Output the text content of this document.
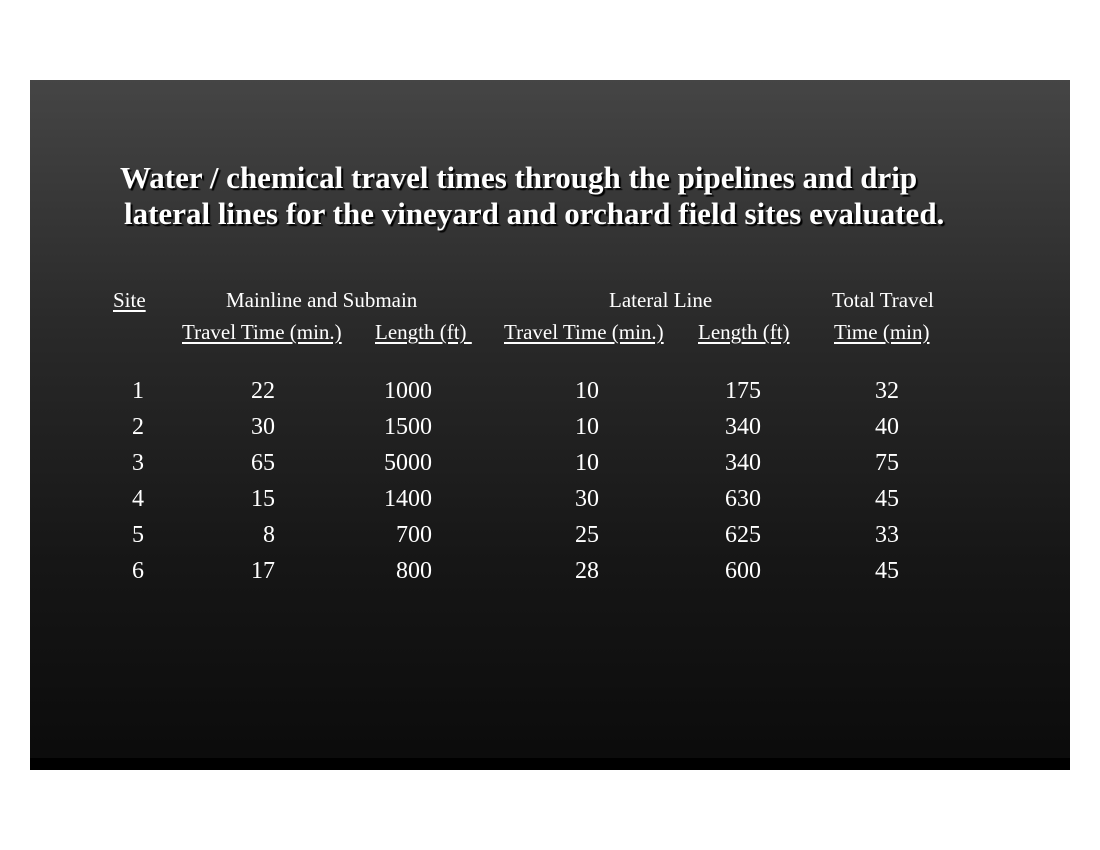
Water / chemical travel times through the pipelines and drip
lateral lines for the vineyard and orchard field sites evaluated.
Site	Mainline and Submain	Lateral Line	Total Travel
Travel Time (min.) Length (ft) Travel Time (min.) Length (ft) Time (min)
1	22	1000	10	175	32
2	30	1500	10	340	40
3	65	5000	10	340	75
4	15	1400	30	630	45
5	8	700	25	625	33
6	17	800	28	600	45
